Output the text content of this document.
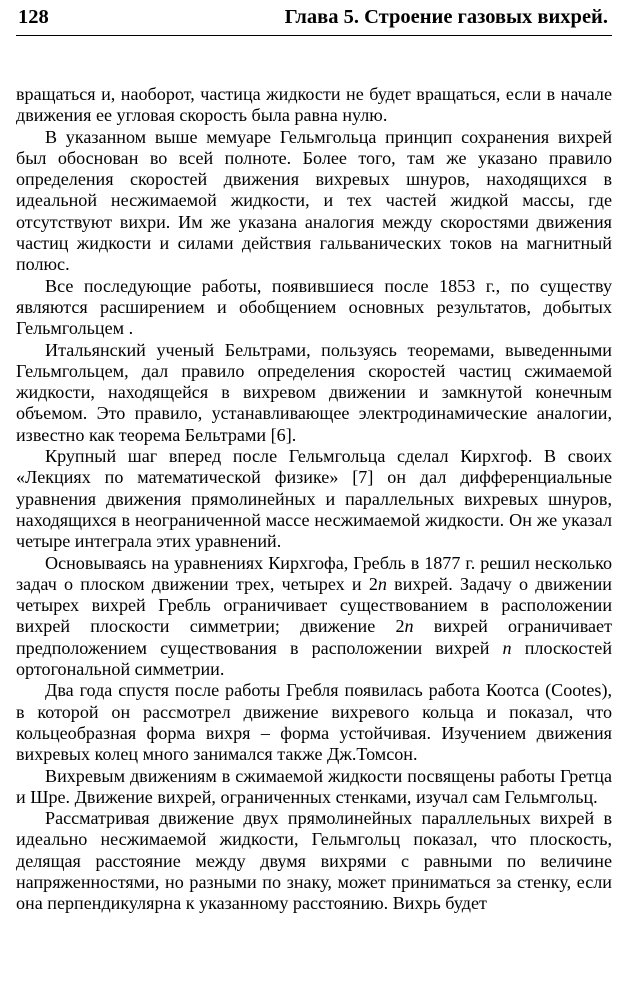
128	Глава 5. Строение газовых вихрей.

вращаться и, наоборот, частица жидкости не будет вращаться, если в начале движения ее угловая скорость была равна нулю.

В указанном выше мемуаре Гельмгольца принцип сохранения вихрей был обоснован во всей полноте. Более того, там же указано правило определения скоростей движения вихревых шнуров, находящихся в идеальной несжимаемой жидкости, и тех частей жидкой массы, где отсутствуют вихри. Им же указана аналогия между скоростями движения частиц жидкости и силами действия гальванических токов на магнитный полюс.

Все последующие работы, появившиеся после 1853 г., по существу являются расширением и обобщением основных результатов, добытых Гельмгольцем .

Итальянский ученый Бельтрами, пользуясь теоремами, выведенными Гельмгольцем, дал правило определения скоростей частиц сжимаемой жидкости, находящейся в вихревом движении и замкнутой конечным объемом. Это правило, устанавливающее электродинамические аналогии, известно как теорема Бельтрами [6].

Крупный шаг вперед после Гельмгольца сделал Кирхгоф. В своих «Лекциях по математической физике» [7] он дал дифференциальные уравнения движения прямолинейных и параллельных вихревых шнуров, находящихся в неограниченной массе несжимаемой жидкости. Он же указал четыре интеграла этих уравнений.

Основываясь на уравнениях Кирхгофа, Гребль в 1877 г. решил несколько задач о плоском движении трех, четырех и 2n вихрей. Задачу о движении четырех вихрей Гребль ограничивает существованием в расположении вихрей плоскости симметрии; движение 2n вихрей ограничивает предположением существования в расположении вихрей n плоскостей ортогональной симметрии.

Два года спустя после работы Гребля появилась работа Коотса (Cootes), в которой он рассмотрел движение вихревого кольца и показал, что кольцеобразная форма вихря – форма устойчивая. Изучением движения вихревых колец много занимался также Дж.Томсон.

Вихревым движениям в сжимаемой жидкости посвящены работы Гретца и Шре. Движение вихрей, ограниченных стенками, изучал сам Гельмгольц.

Рассматривая движение двух прямолинейных параллельных вихрей в идеально несжимаемой жидкости, Гельмгольц показал, что плоскость, делящая расстояние между двумя вихрями с равными по величине напряженностями, но разными по знаку, может приниматься за стенку, если она перпендикулярна к указанному расстоянию. Вихрь будет
